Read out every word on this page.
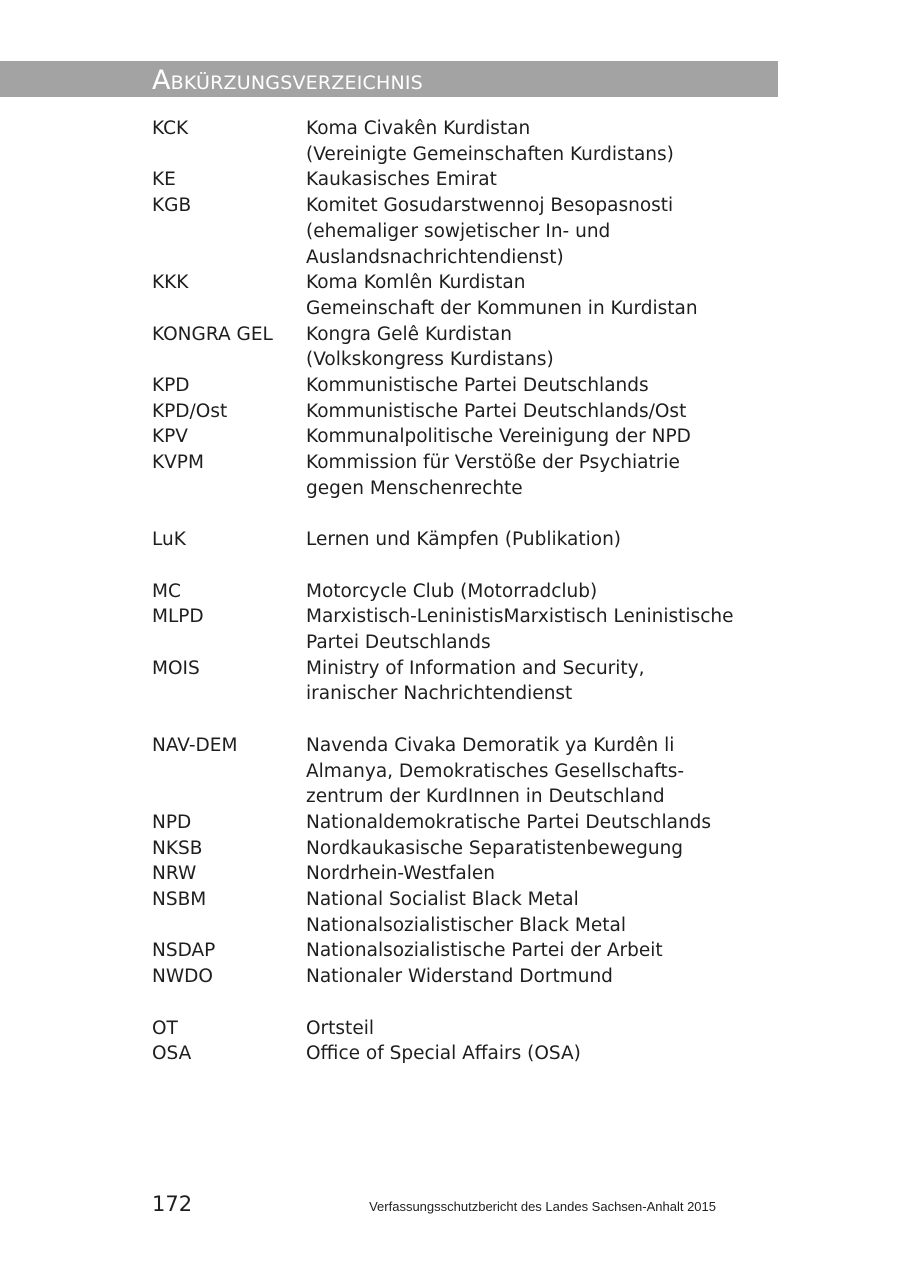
Abkürzungsverzeichnis
KCK	Koma Civakên Kurdistan
(Vereinigte Gemeinschaften Kurdistans)
KE	Kaukasisches Emirat
KGB	Komitet Gosudarstwennoj Besopasnosti
(ehemaliger sowjetischer In- und
Auslandsnachrichtendienst)
KKK	Koma Komlên Kurdistan
Gemeinschaft der Kommunen in Kurdistan
KONGRA GEL	Kongra Gelê Kurdistan
(Volkskongress Kurdistans)
KPD	Kommunistische Partei Deutschlands
KPD/Ost	Kommunistische Partei Deutschlands/Ost
KPV	Kommunalpolitische Vereinigung der NPD
KVPM	Kommission für Verstöße der Psychiatrie
gegen Menschenrechte
LuK	Lernen und Kämpfen (Publikation)
MC	Motorcycle Club (Motorradclub)
MLPD	Marxistisch-LeninistisMarxistisch Leninistische
Partei Deutschlands
MOIS	Ministry of Information and Security,
iranischer Nachrichtendienst
NAV-DEM	Navenda Civaka Demoratik ya Kurdên li
Almanya, Demokratisches Gesellschafts-
zentrum der KurdInnen in Deutschland
NPD	Nationaldemokratische Partei Deutschlands
NKSB	Nordkaukasische Separatistenbewegung
NRW	Nordrhein-Westfalen
NSBM	National Socialist Black Metal
Nationalsozialistischer Black Metal
NSDAP	Nationalsozialistische Partei der Arbeit
NWDO	Nationaler Widerstand Dortmund
OT	Ortsteil
OSA	Office of Special Affairs (OSA)
172	Verfassungsschutzbericht des Landes Sachsen-Anhalt 2015
